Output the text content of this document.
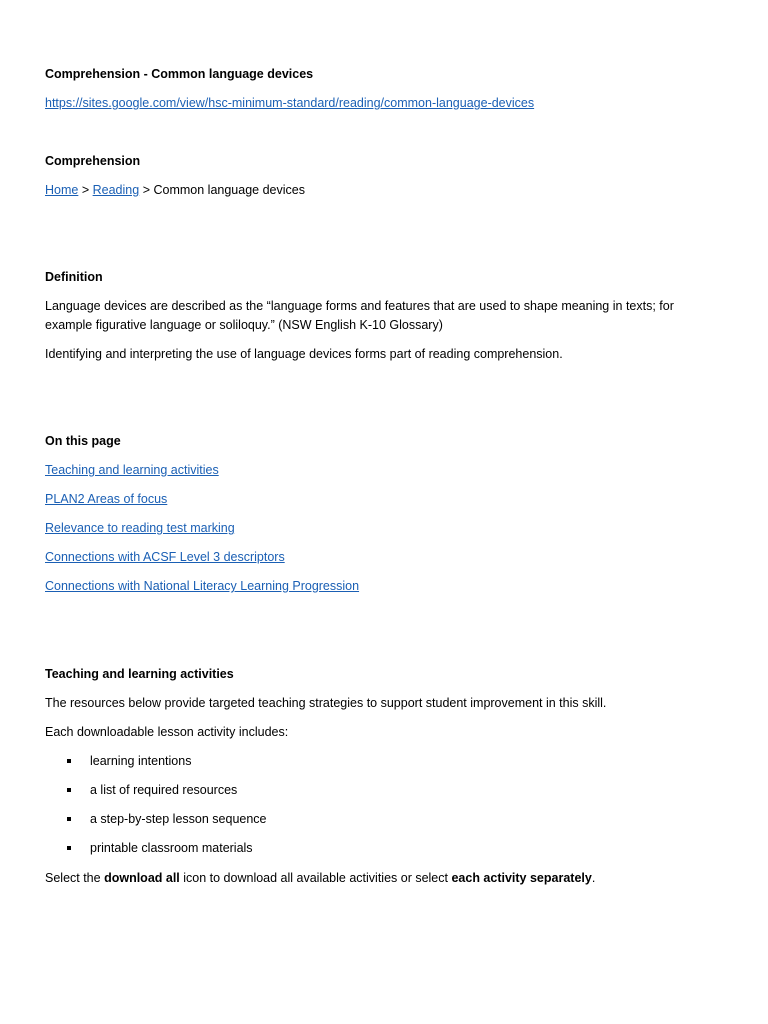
Comprehension - Common language devices
https://sites.google.com/view/hsc-minimum-standard/reading/common-language-devices
Comprehension
Home > Reading > Common language devices
Definition
Language devices are described as the “language forms and features that are used to shape meaning in texts; for
example figurative language or soliloquy.” (NSW English K-10 Glossary)
Identifying and interpreting the use of language devices forms part of reading comprehension.
On this page
Teaching and learning activities
PLAN2 Areas of focus
Relevance to reading test marking
Connections with ACSF Level 3 descriptors
Connections with National Literacy Learning Progression
Teaching and learning activities
The resources below provide targeted teaching strategies to support student improvement in this skill.
Each downloadable lesson activity includes:
learning intentions
a list of required resources
a step-by-step lesson sequence
printable classroom materials
Select the download all icon to download all available activities or select each activity separately.
